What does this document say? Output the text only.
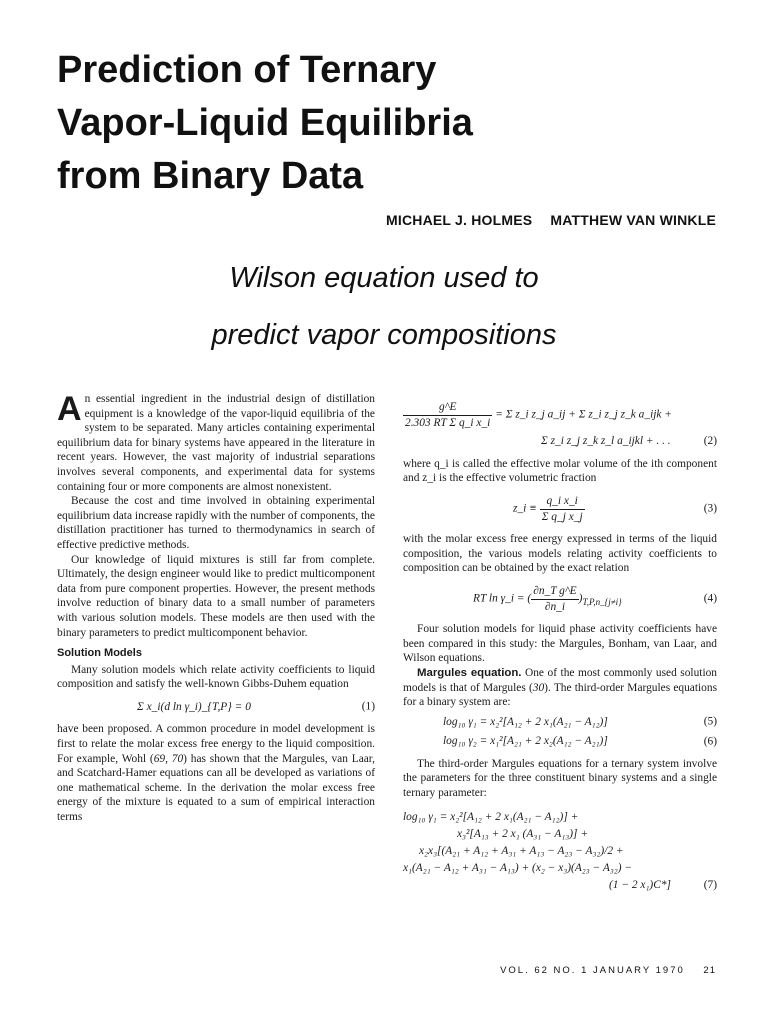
Prediction of Ternary
Vapor-Liquid Equilibria
from Binary Data
MICHAEL J. HOLMES MATTHEW VAN WINKLE
Wilson equation used to
predict vapor compositions

An essential ingredient in the industrial design of distillation equipment is a knowledge of the vapor-liquid equilibria of the system to be separated. Many articles containing experimental equilibrium data for binary systems have appeared in the literature in recent years. However, the vast majority of industrial separations involves several components, and experimental data for systems containing four or more components are almost nonexistent.

Because the cost and time involved in obtaining experimental equilibrium data increase rapidly with the number of components, the distillation practitioner has turned to thermodynamics in search of effective predictive methods.

Our knowledge of liquid mixtures is still far from complete. Ultimately, the design engineer would like to predict multicomponent data from pure component properties. However, the present methods involve reduction of binary data to a small number of parameters with various solution models. These models are then used with the binary parameters to predict multicomponent behavior.

Solution Models

Many solution models which relate activity coefficients to liquid composition and satisfy the well-known Gibbs-Duhem equation

Σ x_i(d ln γ_i)_{T,P} = 0	(1)

have been proposed. A common procedure in model development is first to relate the molar excess free energy to the liquid composition. For example, Wohl (69, 70) has shown that the Margules, van Laar, and Scatchard-Hamer equations can all be developed as variations of one mathematical scheme. In the derivation the molar excess free energy of the mixture is equated to a sum of empirical interaction terms

$\frac{g\^{}E}{\text{2.303 RT Σ q\_i x\_i}} = \Sigma$ z_i z_j a_ij + Σ z_i z_j z_k a_ijk +
Σ z_i z_j z_k z_l a_ijkl + . . .	(2)

where q_i is called the effective molar volume of the ith component and z_i is the effective volumetric fraction

z_i ≡ $\frac{\text{q\_i x\_i}}{\text{Σ q\_j x\_j}}$	(3)

with the molar excess free energy expressed in terms of the liquid composition, the various models relating activity coefficients to composition can be obtained by the exact relation

RT ln γ_i = ( $\frac{\text{∂n\_T g\textasciicircum{}E}}{\partial n\_i} )_{T,P,n\_\{j\ne i\}}$	(4)

Four solution models for liquid phase activity coefficients have been compared in this study: the Margules, Bonham, van Laar, and Wilson equations.

Margules equation. One of the most commonly used solution models is that of Margules (30). The third-order Margules equations for a binary system are:

log₁₀ γ₁ = x₂²[A₁₂ + 2 x₁(A₂₁ − A₁₂)]	(5)
log₁₀ γ₂ = x₁²[A₂₁ + 2 x₂(A₁₂ − A₂₁)]	(6)

The third-order Margules equations for a ternary system involve the parameters for the three constituent binary systems and a single ternary parameter:

log₁₀ γ₁ = x₂²[A₁₂ + 2 x₁(A₂₁ − A₁₂)] +
x₃²[A₁₃ + 2 x₁ (A₃₁ − A₁₃)] +
x₂x₃[(A₂₁ + A₁₂ + A₃₁ + A₁₃ − A₂₃ − A₃₂)/2 +
x₁(A₂₁ − A₁₂ + A₃₁ − A₁₃) + (x₂ − x₃)(A₂₃ − A₃₂) −
(1 − 2 x₁)C*]	(7)
VOL. 62 NO. 1 JANUARY 1970 21
